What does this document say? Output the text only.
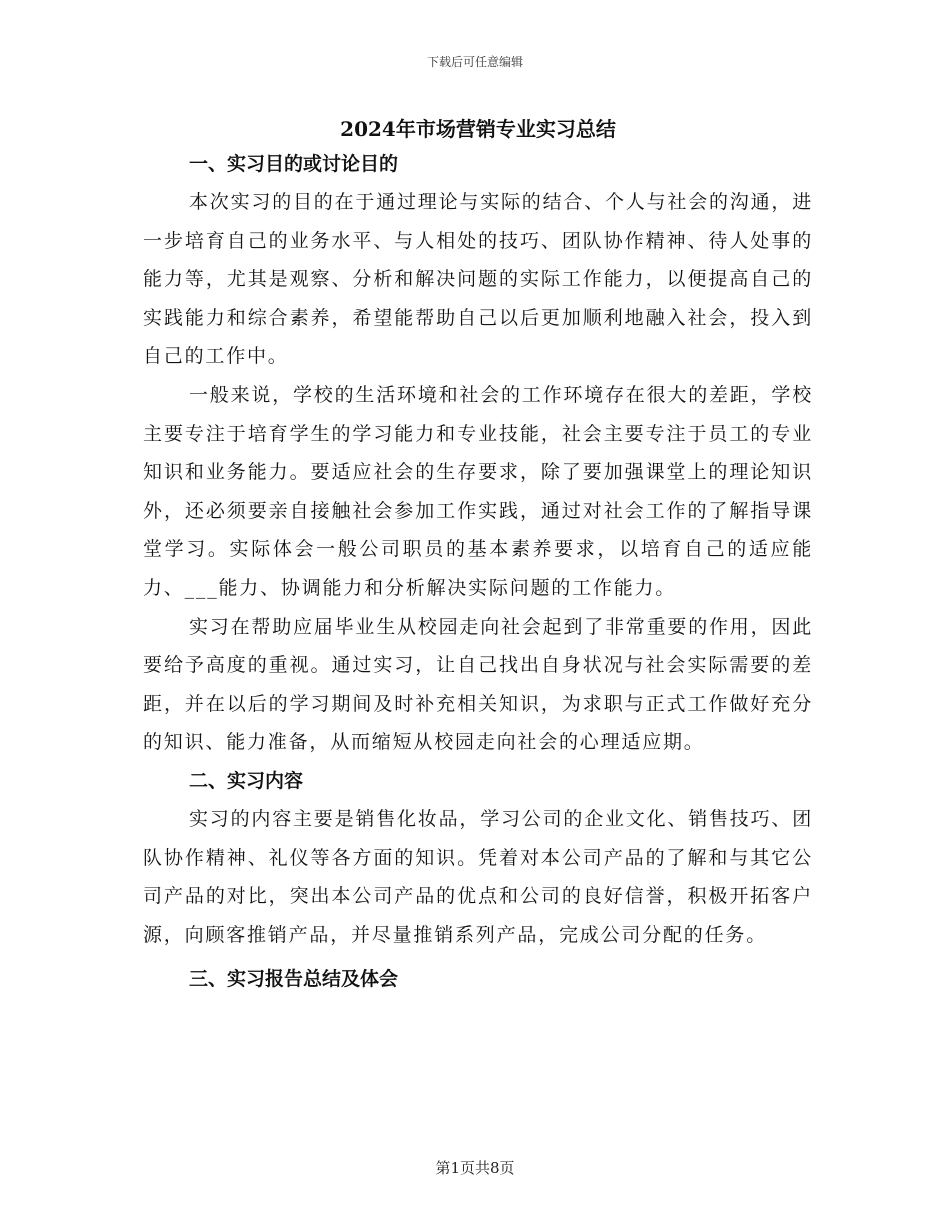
下载后可任意编辑
2024年市场营销专业实习总结
一、实习目的或讨论目的

本次实习的目的在于通过理论与实际的结合、个人与社会的沟通，进一步培育自己的业务水平、与人相处的技巧、团队协作精神、待人处事的能力等，尤其是观察、分析和解决问题的实际工作能力，以便提高自己的实践能力和综合素养，希望能帮助自己以后更加顺利地融入社会，投入到自己的工作中。

一般来说，学校的生活环境和社会的工作环境存在很大的差距，学校主要专注于培育学生的学习能力和专业技能，社会主要专注于员工的专业知识和业务能力。要适应社会的生存要求，除了要加强课堂上的理论知识外，还必须要亲自接触社会参加工作实践，通过对社会工作的了解指导课堂学习。实际体会一般公司职员的基本素养要求，以培育自己的适应能力、___能力、协调能力和分析解决实际问题的工作能力。

实习在帮助应届毕业生从校园走向社会起到了非常重要的作用，因此要给予高度的重视。通过实习，让自己找出自身状况与社会实际需要的差距，并在以后的学习期间及时补充相关知识，为求职与正式工作做好充分的知识、能力准备，从而缩短从校园走向社会的心理适应期。

二、实习内容

实习的内容主要是销售化妆品，学习公司的企业文化、销售技巧、团队协作精神、礼仪等各方面的知识。凭着对本公司产品的了解和与其它公司产品的对比，突出本公司产品的优点和公司的良好信誉，积极开拓客户源，向顾客推销产品，并尽量推销系列产品，完成公司分配的任务。

三、实习报告总结及体会
第1页共8页
